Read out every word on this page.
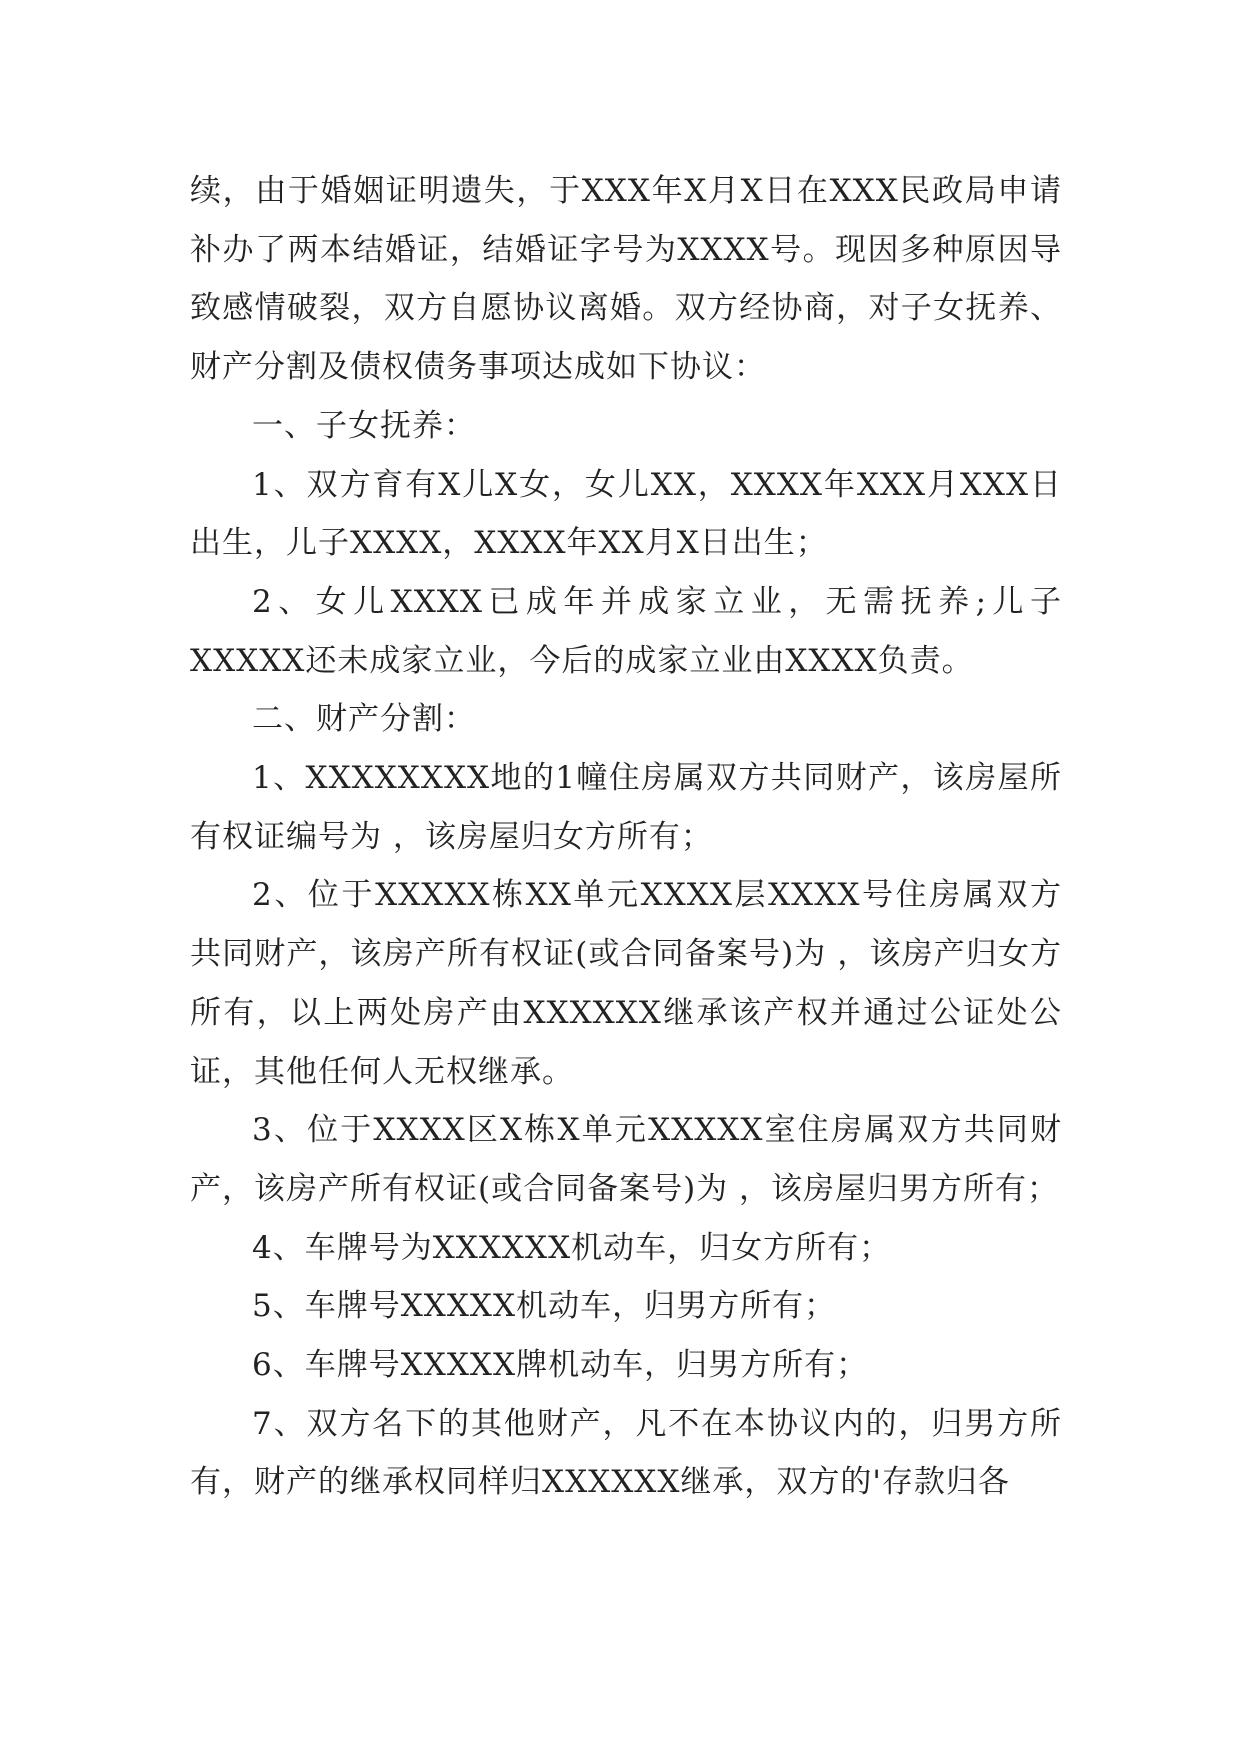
续，由于婚姻证明遗失，于XXX年X月X日在XXX民政局申请补办了两本结婚证，结婚证字号为XXXX号。现因多种原因导致感情破裂，双方自愿协议离婚。双方经协商，对子女抚养、财产分割及债权债务事项达成如下协议：

一、子女抚养：

1、双方育有X儿X女，女儿XX，XXXX年XXX月XXX日出生，儿子XXXX，XXXX年XX月X日出生；

2、女儿XXXX已成年并成家立业，无需抚养;儿子XXXXX还未成家立业，今后的成家立业由XXXX负责。

二、财产分割：

1、XXXXXXXX地的1幢住房属双方共同财产，该房屋所有权证编号为 ，该房屋归女方所有；

2、位于XXXXX栋XX单元XXXX层XXXX号住房属双方共同财产，该房产所有权证(或合同备案号)为 ，该房产归女方所有，以上两处房产由XXXXXX继承该产权并通过公证处公证，其他任何人无权继承。

3、位于XXXX区X栋X单元XXXXX室住房属双方共同财产，该房产所有权证(或合同备案号)为 ，该房屋归男方所有；

4、车牌号为XXXXXX机动车，归女方所有；

5、车牌号XXXXX机动车，归男方所有；

6、车牌号XXXXX牌机动车，归男方所有；

7、双方名下的其他财产，凡不在本协议内的，归男方所有，财产的继承权同样归XXXXXX继承，双方的'存款归各
